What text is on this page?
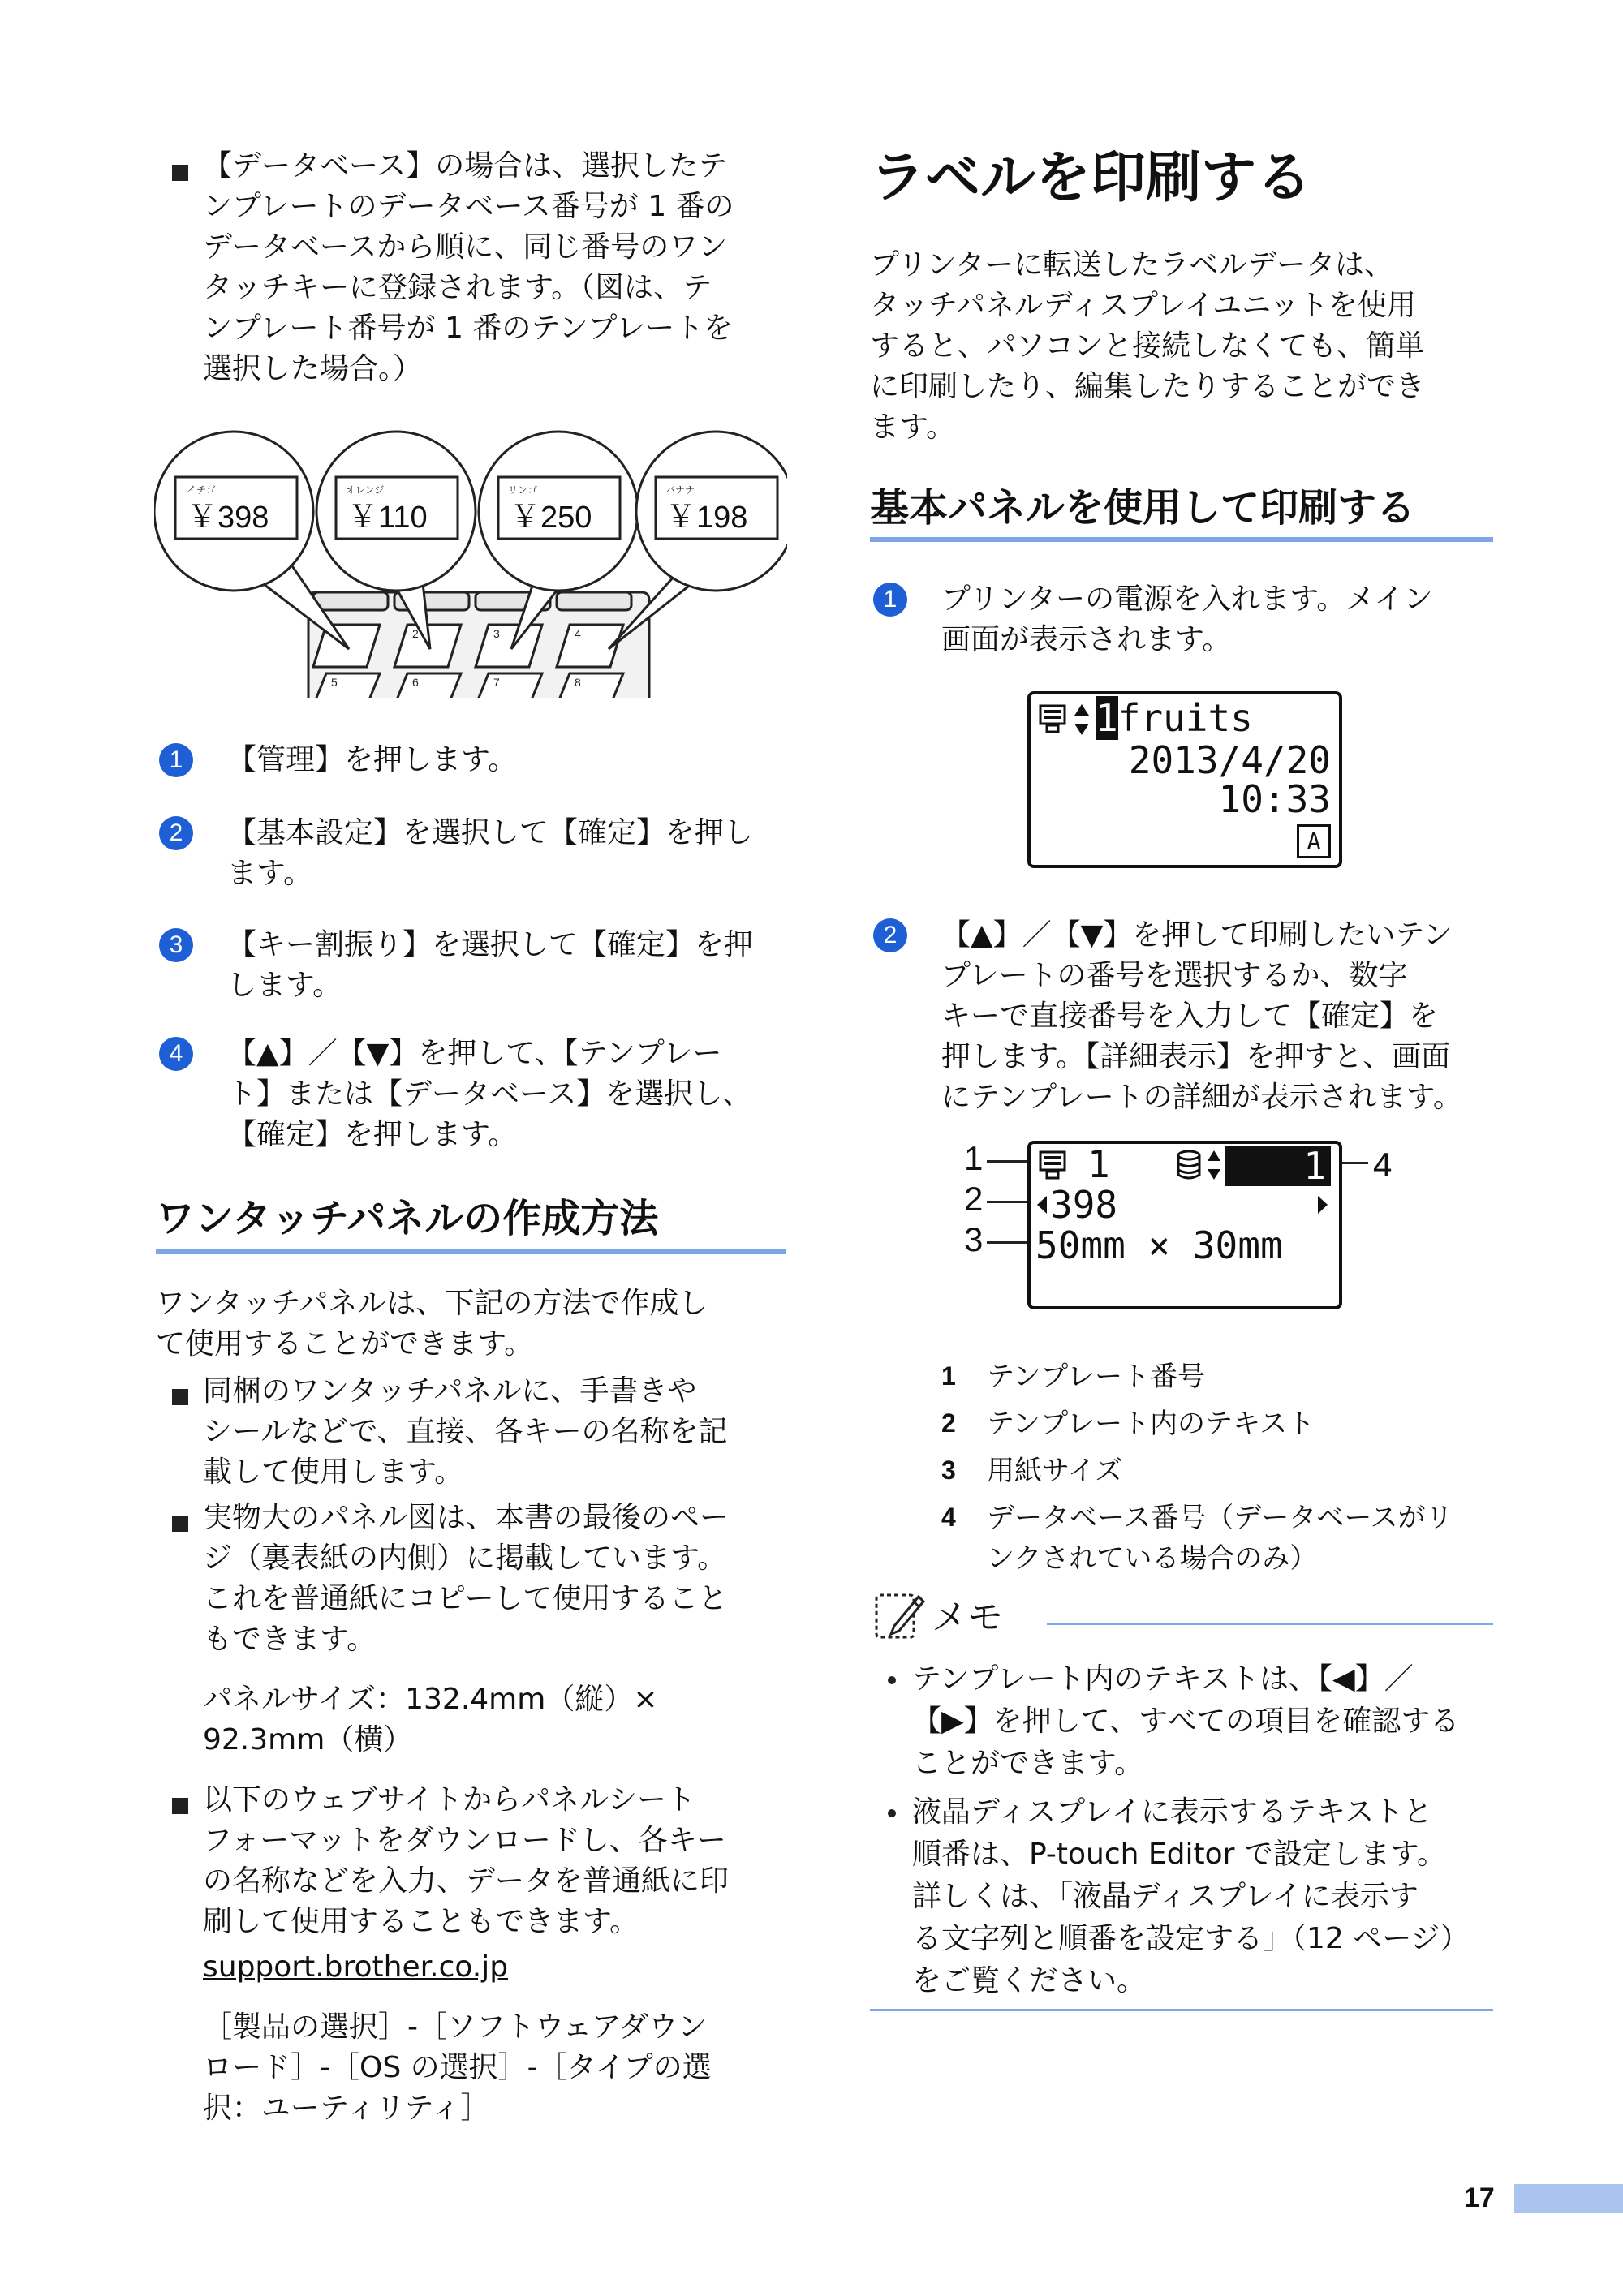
【データベース】の場合は、選択したテ
ンプレートのデータベース番号が 1 番の
データベースから順に、同じ番号のワン
タッチキーに登録されます。（図は、テ
ンプレート番号が 1 番のテンプレートを
選択した場合。）
2	3	4
5	6	7	8
イチゴ	オレンジ	リンゴ	バナナ
￥398	￥110	￥250 ￥198
1	【管理】を押します。
2	【基本設定】を選択して【確定】を押し
ます。
3	【キー割振り】を選択して【確定】を押
します。
4	【▲】／【▼】を押して、【テンプレー
ト】または【データベース】を選択し、
【確定】を押します。
ワンタッチパネルの作成方法
ワンタッチパネルは、下記の方法で作成し
て使用することができます。
同梱のワンタッチパネルに、手書きや
シールなどで、直接、各キーの名称を記
載して使用します。
実物大のパネル図は、本書の最後のペー
ジ（裏表紙の内側）に掲載しています。
これを普通紙にコピーして使用すること
もできます。
パネルサイズ：132.4mm（縦）×
92.3mm（横）
以下のウェブサイトからパネルシート
フォーマットをダウンロードし、各キー
の名称などを入力、データを普通紙に印
刷して使用することもできます。
support.brother.co.jp
［製品の選択］-［ソフトウェアダウン
ロード］-［OS の選択］-［タイプの選
択：ユーティリティ］
ラベルを印刷する
プリンターに転送したラベルデータは、
タッチパネルディスプレイユニットを使用
すると、パソコンと接続しなくても、簡単
に印刷したり、編集したりすることができ
ます。
基本パネルを使用して印刷する
1	プリンターの電源を入れます。メイン
画面が表示されます。
1fruits
2013/4/20
10:33
A
2	【▲】／【▼】を押して印刷したいテン
プレートの番号を選択するか、数字
キーで直接番号を入力して【確定】を
押します。【詳細表示】を押すと、画面
にテンプレートの詳細が表示されます。
1
2
3
4
1	1
398
50mm × 30mm
1 テンプレート番号
2 テンプレート内のテキスト
3 用紙サイズ
4 データベース番号（データベースがリ
ンクされている場合のみ）
メモ
テンプレート内のテキストは、【◀】／
【▶】を押して、すべての項目を確認する
ことができます。
液晶ディスプレイに表示するテキストと
順番は、P-touch Editor で設定します。
詳しくは、「液晶ディスプレイに表示す
る文字列と順番を設定する」（12 ページ）
をご覧ください。
17
